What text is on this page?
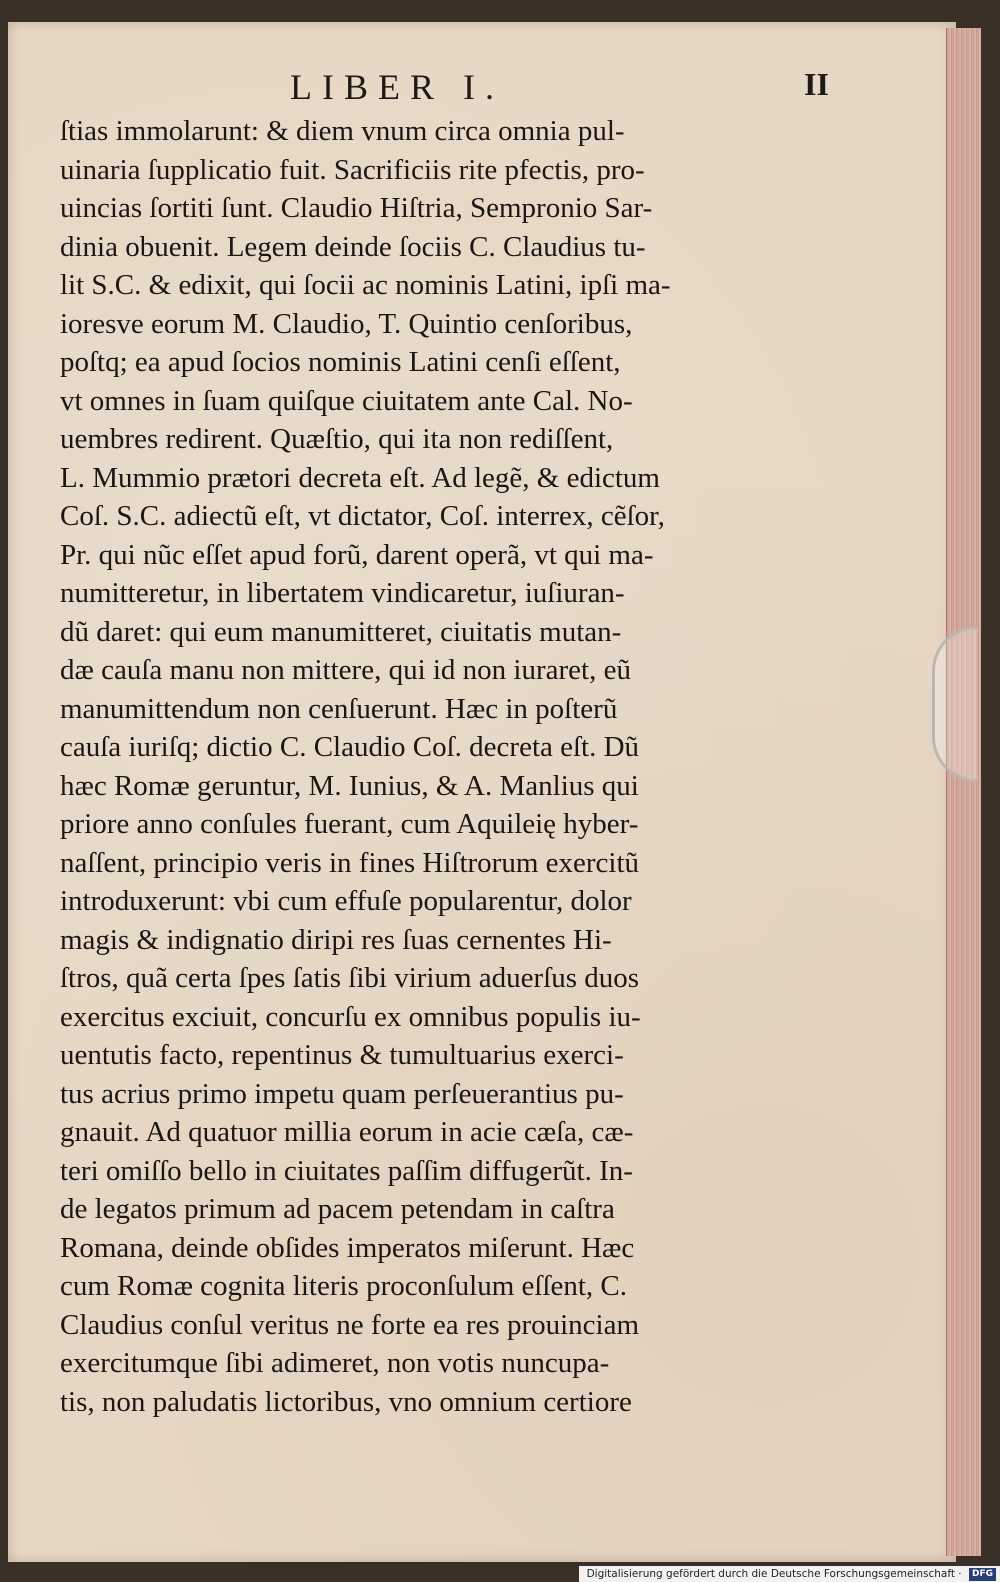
LIBER I.	II
ſtias immolarunt: & diem vnum circa omnia pul-
uinaria ſupplicatio fuit. Sacrificiis rite pfectis, pro-
uincias ſortiti ſunt. Claudio Hiſtria, Sempronio Sar-
dinia obuenit. Legem deinde ſociis C. Claudius tu-
lit S.C. & edixit, qui ſocii ac nominis Latini, ipſi ma-
ioresve eorum M. Claudio, T. Quintio cenſoribus,
poſtq; ea apud ſocios nominis Latini cenſi eſſent,
vt omnes in ſuam quiſque ciuitatem ante Cal. No-
uembres redirent. Quæſtio, qui ita non rediſſent,
L. Mummio prætori decreta eſt. Ad legẽ, & edictum
Coſ. S.C. adiectũ eſt, vt dictator, Coſ. interrex, cẽſor,
Pr. qui nũc eſſet apud forũ, darent operã, vt qui ma-
numitteretur, in libertatem vindicaretur, iuſiuran-
dũ daret: qui eum manumitteret, ciuitatis mutan-
dæ cauſa manu non mittere, qui id non iuraret, eũ
manumittendum non cenſuerunt. Hæc in poſterũ
cauſa iuriſq; dictio C. Claudio Coſ. decreta eſt. Dũ
hæc Romæ geruntur, M. Iunius, & A. Manlius qui
priore anno conſules fuerant, cum Aquileię hyber-
naſſent, principio veris in fines Hiſtrorum exercitũ
introduxerunt: vbi cum effuſe popularentur, dolor
magis & indignatio diripi res ſuas cernentes Hi-
ſtros, quã certa ſpes ſatis ſibi virium aduerſus duos
exercitus exciuit, concurſu ex omnibus populis iu-
uentutis facto, repentinus & tumultuarius exerci-
tus acrius primo impetu quam perſeuerantius pu-
gnauit. Ad quatuor millia eorum in acie cæſa, cæ-
teri omiſſo bello in ciuitates paſſim diffugerũt. In-
de legatos primum ad pacem petendam in caſtra
Romana, deinde obſides imperatos miſerunt. Hæc
cum Romæ cognita literis proconſulum eſſent, C.
Claudius conſul veritus ne forte ea res prouinciam
exercitumque ſibi adimeret, non votis nuncupa-
tis, non paludatis lictoribus, vno omnium certiore
Digitalisierung gefördert durch die Deutsche Forschungsgemeinschaft · DFG
